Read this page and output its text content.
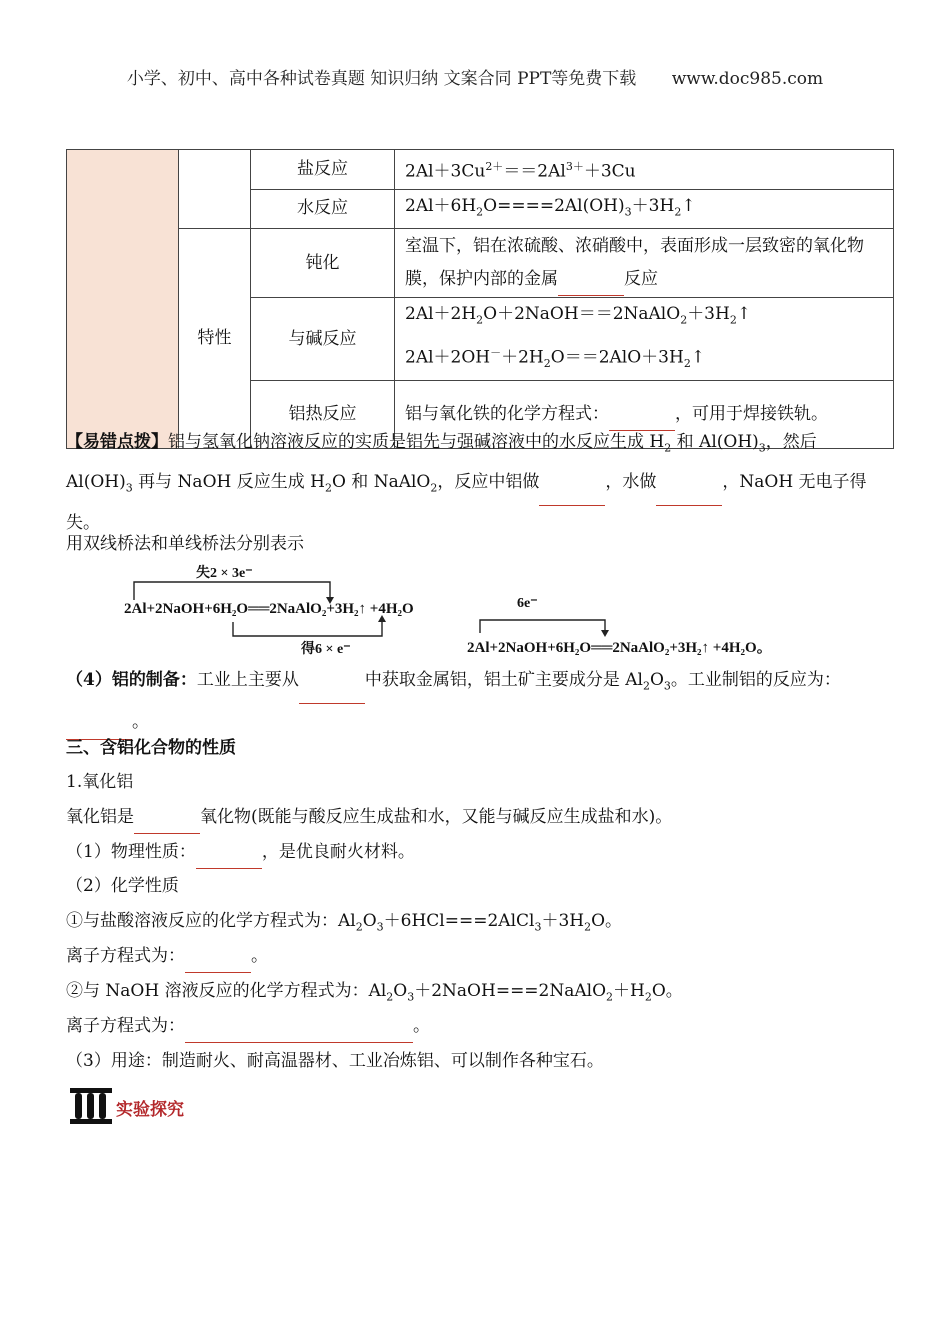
小学、初中、高中各种试卷真题 知识归纳 文案合同 PPT等免费下载 www.doc985.com
		盐反应	$2Al+3Cu^{2+}==2Al^{3+}+3Cu$
		水反应	$2Al+6H_2O====2Al(OH)_3+3H_2↑$
	特性	钝化	室温下，铝在浓硫酸、浓硝酸中，表面形成一层致密的氧化物膜，保护内部的金属 反应
		与碱反应	$2Al+2H_2O+2NaOH==2NaAlO_2+3H_2↑$
$2Al+2OH^-+2H_2O==2AlO+3H_2↑$

		铝热反应	铝与氧化铁的化学方程式： ，可用于焊接铁轨。
【易错点拨】铝与氢氧化钠溶液反应的实质是铝先与强碱溶液中的水反应生成 $H_2$ 和 $Al(OH)_3$，然后 $Al(OH)_3$ 再与 NaOH 反应生成 $H_2O$ 和 NaAlO$_2$，反应中铝做	，水做	，NaOH 无电子得失。
用双线桥法和单线桥法分别表示
失2 × 3e⁻
2Al+2NaOH+6H₂O══2NaAlO₂+3H₂↑ +4H₂O
得6 × e⁻
6e⁻
2Al+2NaOH+6H₂O══2NaAlO₂+3H₂↑ +4H₂O。
（4）铝的制备：工业上主要从	中获取金属铝，铝土矿主要成分是 $Al_2O_3$。工业制铝的反应为：。
三、含铝化合物的性质
1.氧化铝
氧化铝是	氧化物(既能与酸反应生成盐和水，又能与碱反应生成盐和水)。
（1）物理性质：	，是优良耐火材料。
（2）化学性质
①与盐酸溶液反应的化学方程式为：$Al_2O_3+6HCl===2AlCl_3+3H_2O$。
离子方程式为：	。
②与 NaOH 溶液反应的化学方程式为：$Al_2O_3+2NaOH===2NaAlO_2+H_2O$。
离子方程式为：	。
（3）用途：制造耐火、耐高温器材、工业冶炼铝、可以制作各种宝石。
实验探究
